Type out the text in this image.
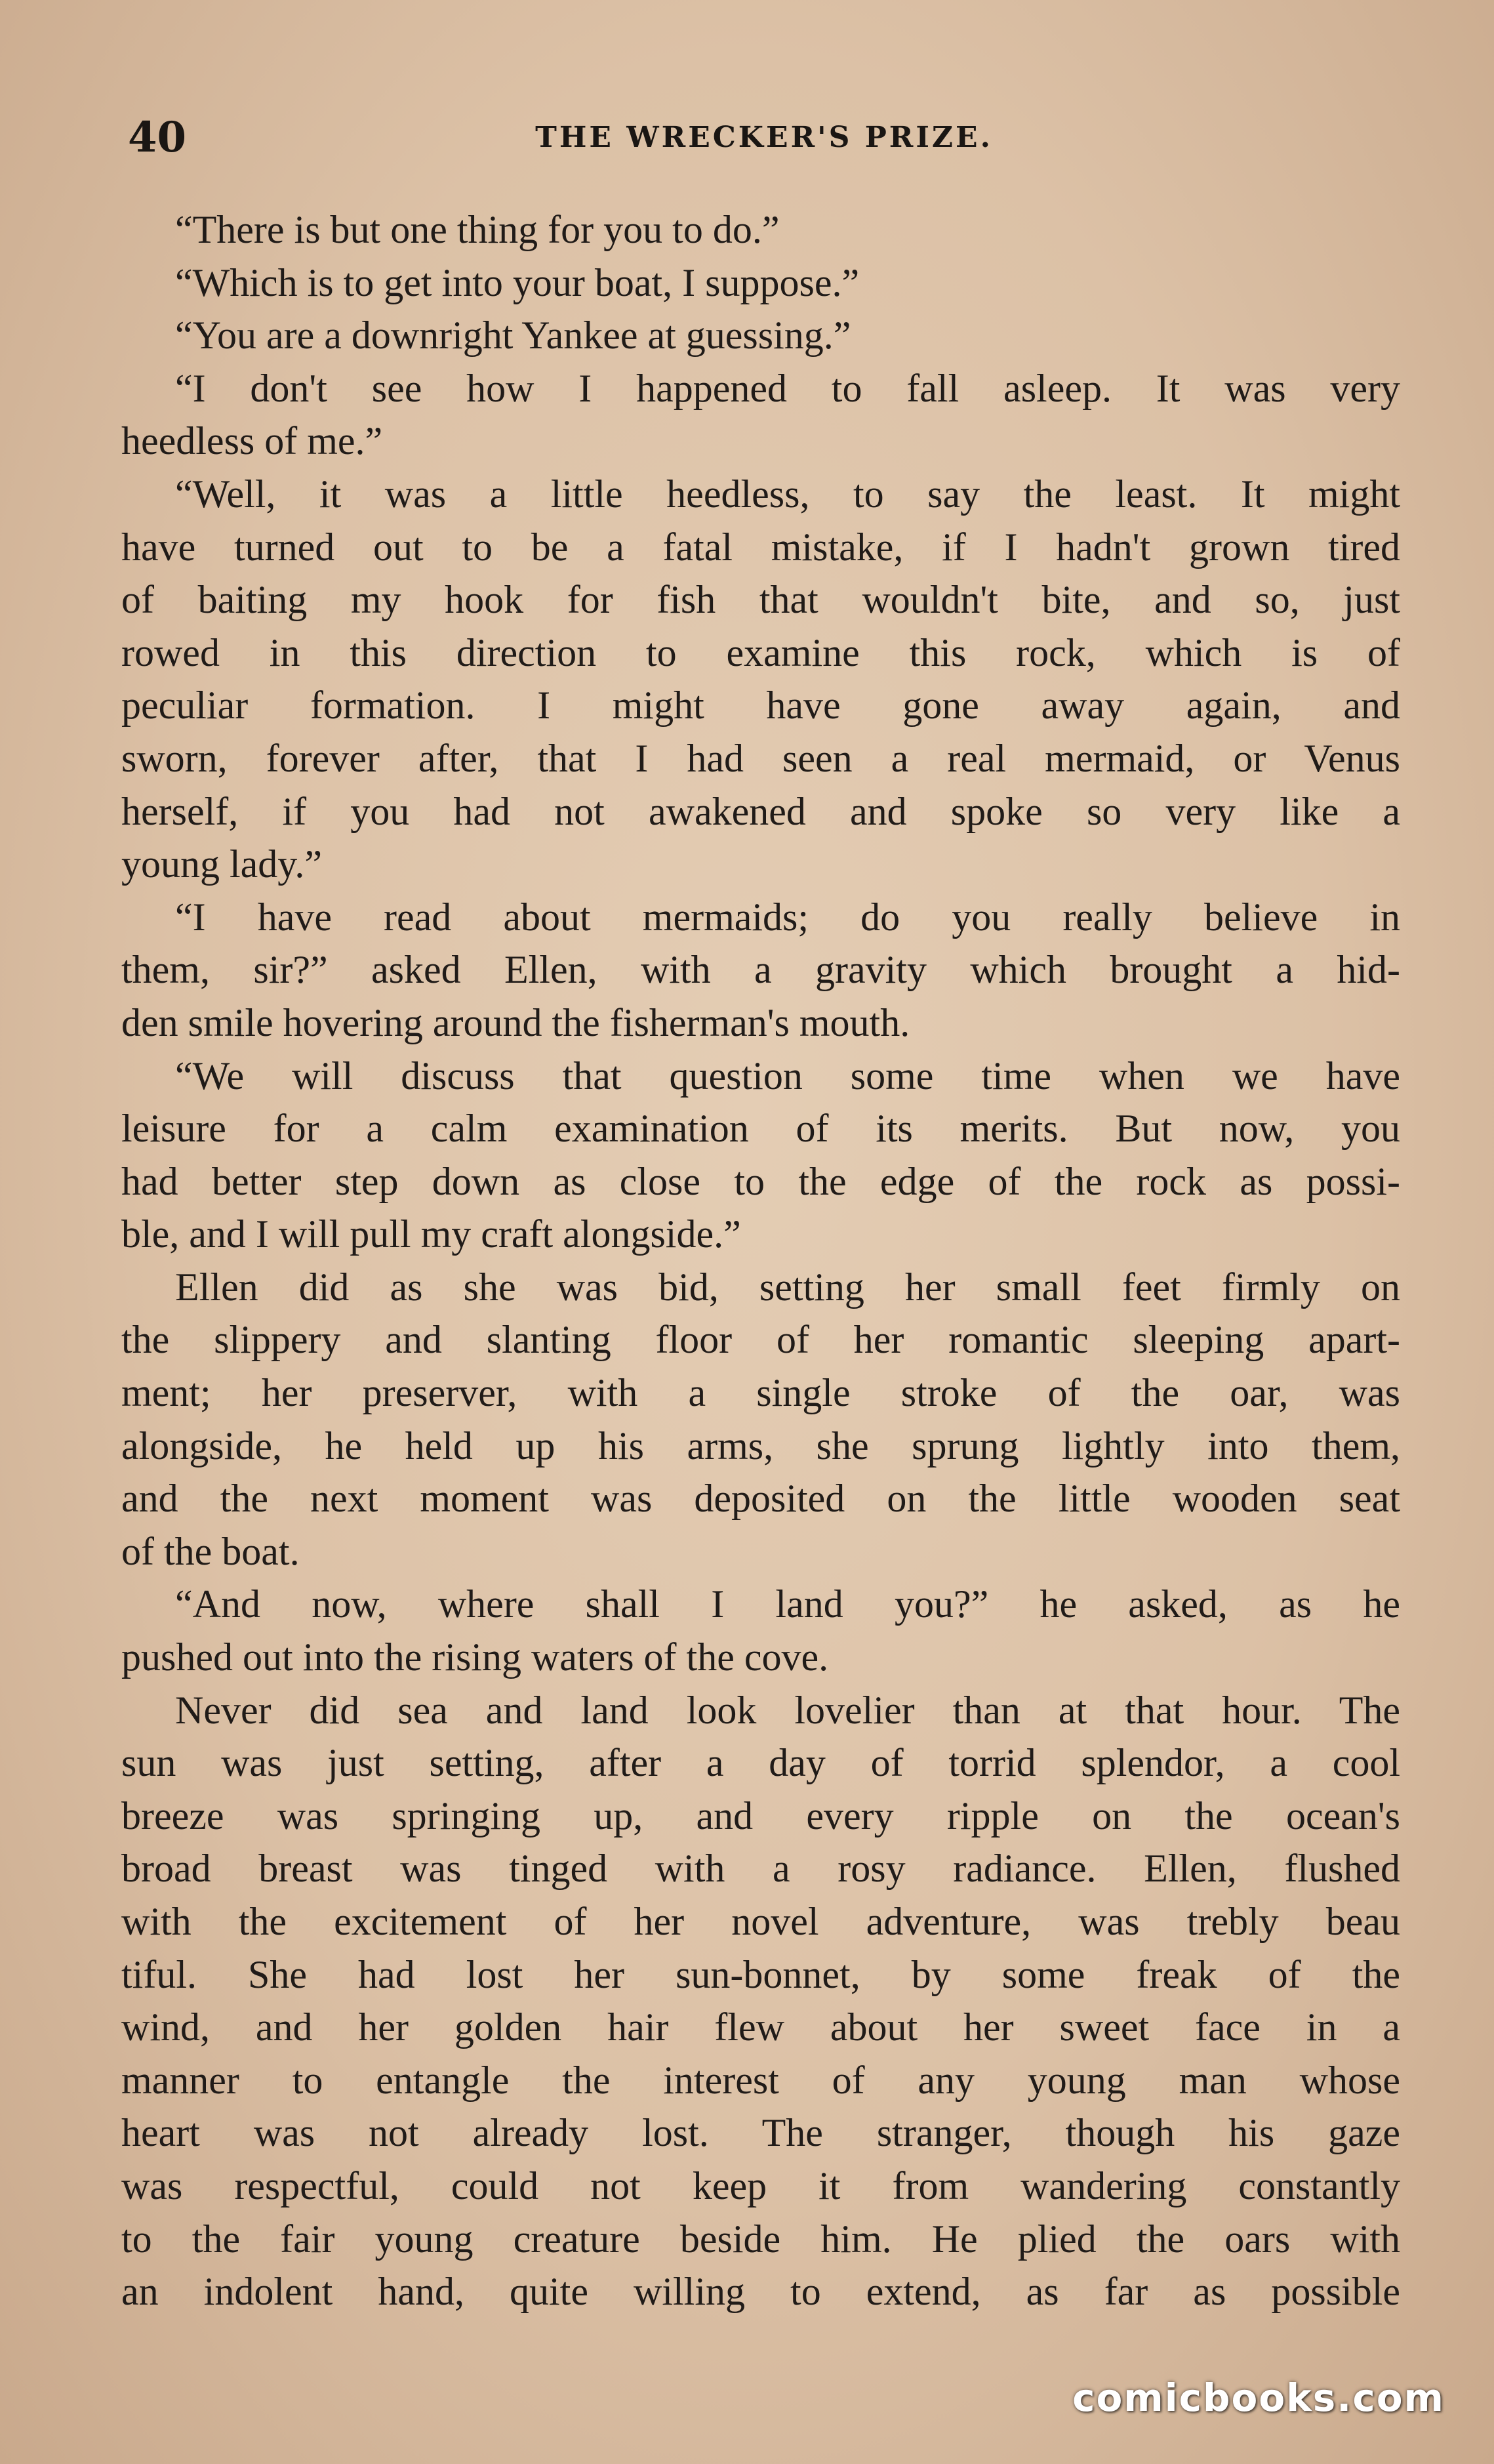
40	THE WRECKER'S PRIZE.
“There is but one thing for you to do.”
“Which is to get into your boat, I suppose.”
“You are a downright Yankee at guessing.”
“I don't see how I happened to fall asleep. It was very
heedless of me.”
“Well, it was a little heedless, to say the least. It might
have turned out to be a fatal mistake, if I hadn't grown tired
of baiting my hook for fish that wouldn't bite, and so, just
rowed in this direction to examine this rock, which is of
peculiar formation. I might have gone away again, and
sworn, forever after, that I had seen a real mermaid, or Venus
herself, if you had not awakened and spoke so very like a
young lady.”
“I have read about mermaids; do you really believe in
them, sir?” asked Ellen, with a gravity which brought a hid-
den smile hovering around the fisherman's mouth.
“We will discuss that question some time when we have
leisure for a calm examination of its merits. But now, you
had better step down as close to the edge of the rock as possi-
ble, and I will pull my craft alongside.”
Ellen did as she was bid, setting her small feet firmly on
the slippery and slanting floor of her romantic sleeping apart-
ment; her preserver, with a single stroke of the oar, was
alongside, he held up his arms, she sprung lightly into them,
and the next moment was deposited on the little wooden seat
of the boat.
“And now, where shall I land you?” he asked, as he
pushed out into the rising waters of the cove.
Never did sea and land look lovelier than at that hour. The
sun was just setting, after a day of torrid splendor, a cool
breeze was springing up, and every ripple on the ocean's
broad breast was tinged with a rosy radiance. Ellen, flushed
with the excitement of her novel adventure, was trebly beau
tiful. She had lost her sun-bonnet, by some freak of the
wind, and her golden hair flew about her sweet face in a
manner to entangle the interest of any young man whose
heart was not already lost. The stranger, though his gaze
was respectful, could not keep it from wandering constantly
to the fair young creature beside him. He plied the oars with
an indolent hand, quite willing to extend, as far as possible
comicbooks.com
